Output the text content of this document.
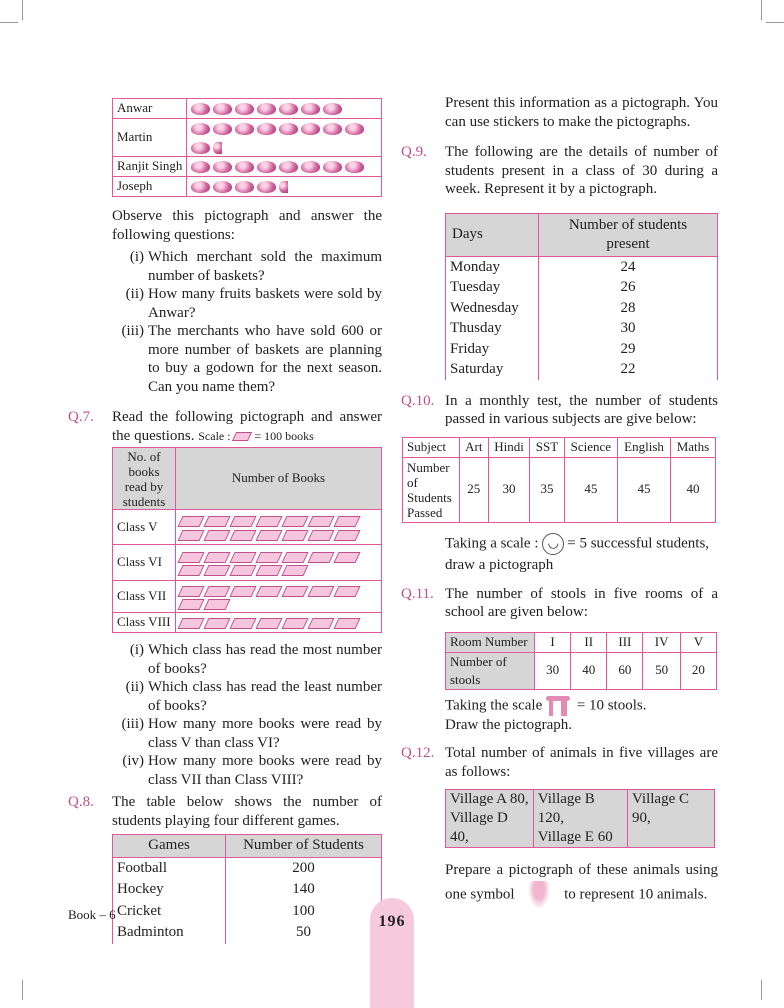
Anwar	
Martin	
Ranjit Singh	
Joseph	
Observe this pictograph and answer the following questions:
(i) Which merchant sold the maximum number of baskets?
(ii) How many fruits baskets were sold by Anwar?
(iii) The merchants who have sold 600 or more number of baskets are planning to buy a godown for the next season. Can you name them?
Q.7. Read the following pictograph and answer the questions. Scale : = 100 books
No. of books read by students	Number of Books
Class V	
Class VI	
Class VII	
Class VIII	
(i) Which class has read the most number of books?
(ii) Which class has read the least number of books?
(iii) How many more books were read by class V than class VI?
(iv) How many more books were read by class VII than Class VIII?
Q.8. The table below shows the number of students playing four different games.
Games	Number of Students
Football	200
Hockey	140
Cricket	100
Badminton	50
Present this information as a pictograph. You can use stickers to make the pictographs.
Q.9. The following are the details of number of students present in a class of 30 during a week. Represent it by a pictograph.
Days	Number of students present
Monday	24
Tuesday	26
Wednesday	28
Thusday	30
Friday	29
Saturday	22
Q.10. In a monthly test, the number of students passed in various subjects are give below:
Subject	Art	Hindi	SST	Science	English	Maths
Number of Students Passed	25	30	35	45	45	40
Taking a scale : ◡ = 5 successful students, draw a pictograph
Q.11. The number of stools in five rooms of a school are given below:
Room Number	I	II	III	IV	V
Number of stools	30	40	60	50	20
Taking the scale = 10 stools.
Draw the pictograph.
Q.12. Total number of animals in five villages are as follows:
Village A 80,
Village D 40,

Village B 120,
Village E 60

Village C 90,
Prepare a pictograph of these animals using one symbol	to represent 10 animals.
Book – 6	196
